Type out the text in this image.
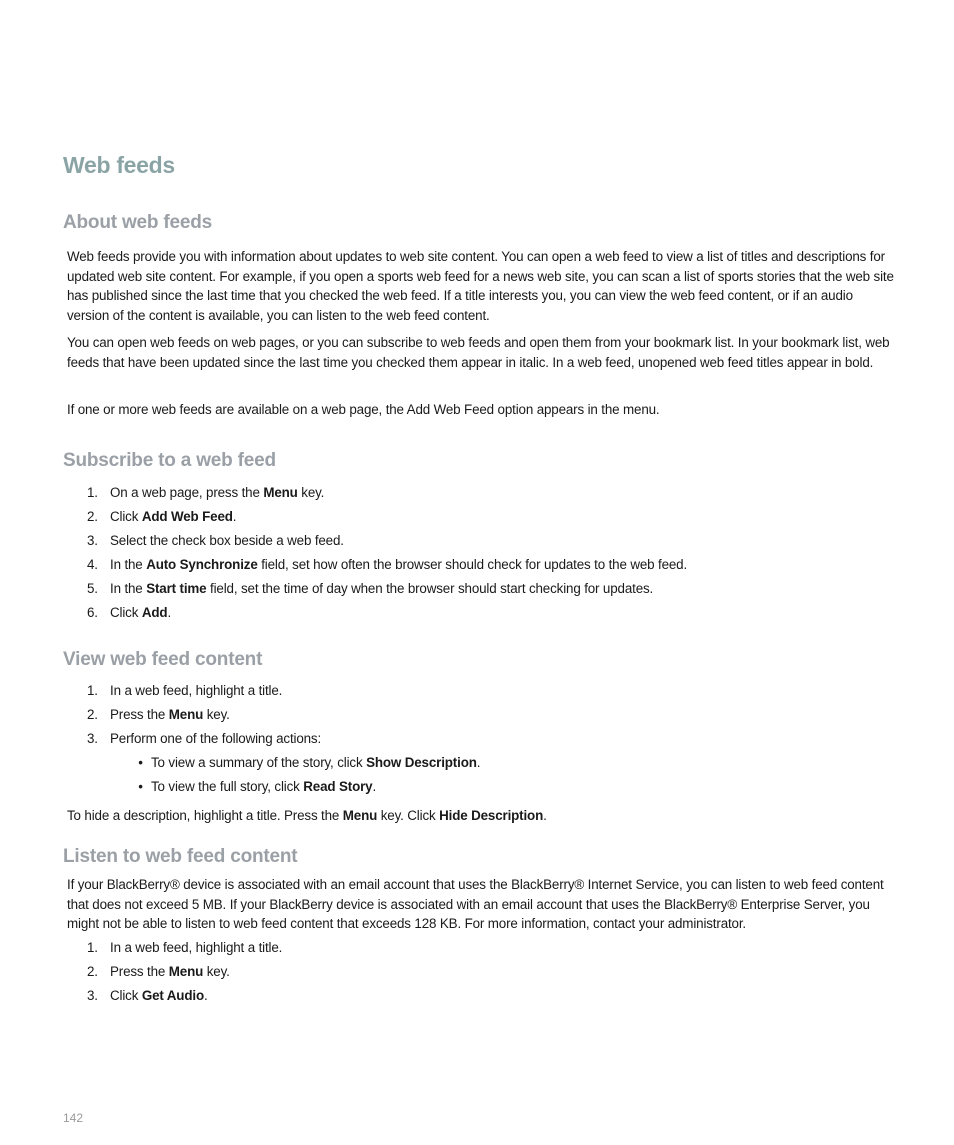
Web feeds
About web feeds

Web feeds provide you with information about updates to web site content. You can open a web feed to view a list of titles and descriptions for updated web site content. For example, if you open a sports web feed for a news web site, you can scan a list of sports stories that the web site has published since the last time that you checked the web feed. If a title interests you, you can view the web feed content, or if an audio version of the content is available, you can listen to the web feed content.

You can open web feeds on web pages, or you can subscribe to web feeds and open them from your bookmark list. In your bookmark list, web feeds that have been updated since the last time you checked them appear in italic. In a web feed, unopened web feed titles appear in bold.

If one or more web feeds are available on a web page, the Add Web Feed option appears in the menu.

Subscribe to a web feed
1. On a web page, press the Menu key.
2. Click Add Web Feed.
3. Select the check box beside a web feed.
4. In the Auto Synchronize field, set how often the browser should check for updates to the web feed.
5. In the Start time field, set the time of day when the browser should start checking for updates.
6. Click Add.
View web feed content
1. In a web feed, highlight a title.
2. Press the Menu key.
3. Perform one of the following actions:
• To view a summary of the story, click Show Description.
• To view the full story, click Read Story.

To hide a description, highlight a title. Press the Menu key. Click Hide Description.

Listen to web feed content

If your BlackBerry® device is associated with an email account that uses the BlackBerry® Internet Service, you can listen to web feed content that does not exceed 5 MB. If your BlackBerry device is associated with an email account that uses the BlackBerry® Enterprise Server, you might not be able to listen to web feed content that exceeds 128 KB. For more information, contact your administrator.

1. In a web feed, highlight a title.
2. Press the Menu key.
3. Click Get Audio.
142
